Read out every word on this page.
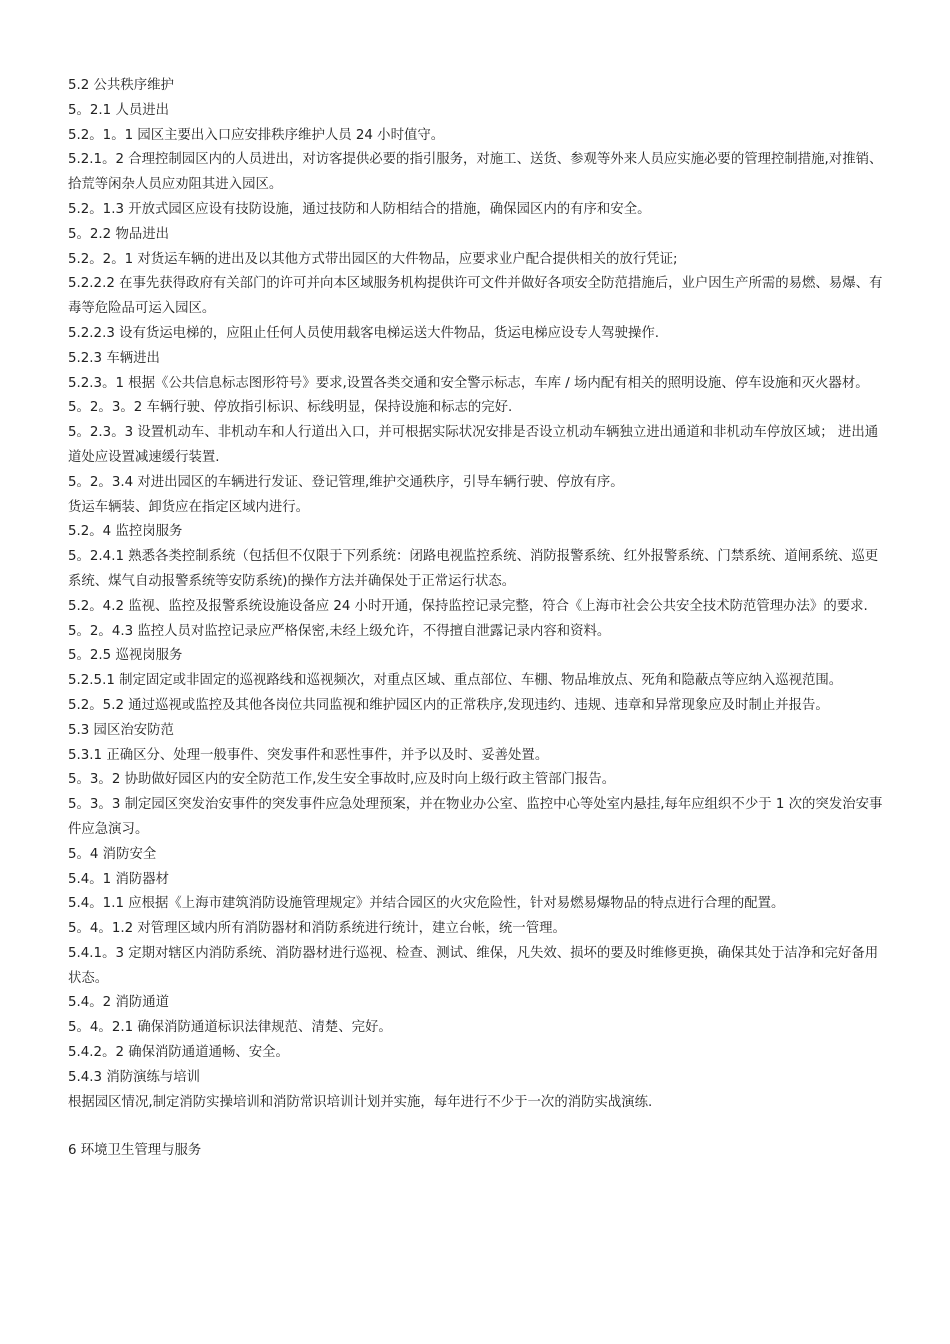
5.2 公共秩序维护

5。2.1 人员进出

5.2。1。1 园区主要出入口应安排秩序维护人员 24 小时值守。

5.2.1。2 合理控制园区内的人员进出，对访客提供必要的指引服务，对施工、送货、参观等外来人员应实施必要的管理控制措施,对推销、拾荒等闲杂人员应劝阻其进入园区。

5.2。1.3 开放式园区应设有技防设施，通过技防和人防相结合的措施，确保园区内的有序和安全。

5。2.2 物品进出

5.2。2。1 对货运车辆的进出及以其他方式带出园区的大件物品，应要求业户配合提供相关的放行凭证;

5.2.2.2 在事先获得政府有关部门的许可并向本区域服务机构提供许可文件并做好各项安全防范措施后，业户因生产所需的易燃、易爆、有毒等危险品可运入园区。

5.2.2.3 设有货运电梯的，应阻止任何人员使用载客电梯运送大件物品，货运电梯应设专人驾驶操作.

5.2.3 车辆进出

5.2.3。1 根据《公共信息标志图形符号》要求,设置各类交通和安全警示标志，车库 / 场内配有相关的照明设施、停车设施和灭火器材。

5。2。3。2 车辆行驶、停放指引标识、标线明显，保持设施和标志的完好.

5。2.3。3 设置机动车、非机动车和人行道出入口，并可根据实际状况安排是否设立机动车辆独立进出通道和非机动车停放区域； 进出通道处应设置减速缓行装置.

5。2。3.4 对进出园区的车辆进行发证、登记管理,维护交通秩序，引导车辆行驶、停放有序。

货运车辆装、卸货应在指定区域内进行。

5.2。4 监控岗服务

5。2.4.1 熟悉各类控制系统（包括但不仅限于下列系统：闭路电视监控系统、消防报警系统、红外报警系统、门禁系统、道闸系统、巡更系统、煤气自动报警系统等安防系统)的操作方法并确保处于正常运行状态。

5.2。4.2 监视、监控及报警系统设施设备应 24 小时开通，保持监控记录完整，符合《上海市社会公共安全技术防范管理办法》的要求.

5。2。4.3 监控人员对监控记录应严格保密,未经上级允许，不得擅自泄露记录内容和资料。

5。2.5 巡视岗服务

5.2.5.1 制定固定或非固定的巡视路线和巡视频次，对重点区域、重点部位、车棚、物品堆放点、死角和隐蔽点等应纳入巡视范围。

5.2。5.2 通过巡视或监控及其他各岗位共同监视和维护园区内的正常秩序,发现违约、违规、违章和异常现象应及时制止并报告。

5.3 园区治安防范

5.3.1 正确区分、处理一般事件、突发事件和恶性事件，并予以及时、妥善处置。

5。3。2 协助做好园区内的安全防范工作,发生安全事故时,应及时向上级行政主管部门报告。

5。3。3 制定园区突发治安事件的突发事件应急处理预案，并在物业办公室、监控中心等处室内悬挂,每年应组织不少于 1 次的突发治安事件应急演习。

5。4 消防安全

5.4。1 消防器材

5.4。1.1 应根据《上海市建筑消防设施管理规定》并结合园区的火灾危险性，针对易燃易爆物品的特点进行合理的配置。

5。4。1.2 对管理区域内所有消防器材和消防系统进行统计，建立台帐，统一管理。

5.4.1。3 定期对辖区内消防系统、消防器材进行巡视、检查、测试、维保，凡失效、损坏的要及时维修更换，确保其处于洁净和完好备用状态。

5.4。2 消防通道

5。4。2.1 确保消防通道标识法律规范、清楚、完好。

5.4.2。2 确保消防通道通畅、安全。

5.4.3 消防演练与培训

根据园区情况,制定消防实操培训和消防常识培训计划并实施，每年进行不少于一次的消防实战演练.

6 环境卫生管理与服务
